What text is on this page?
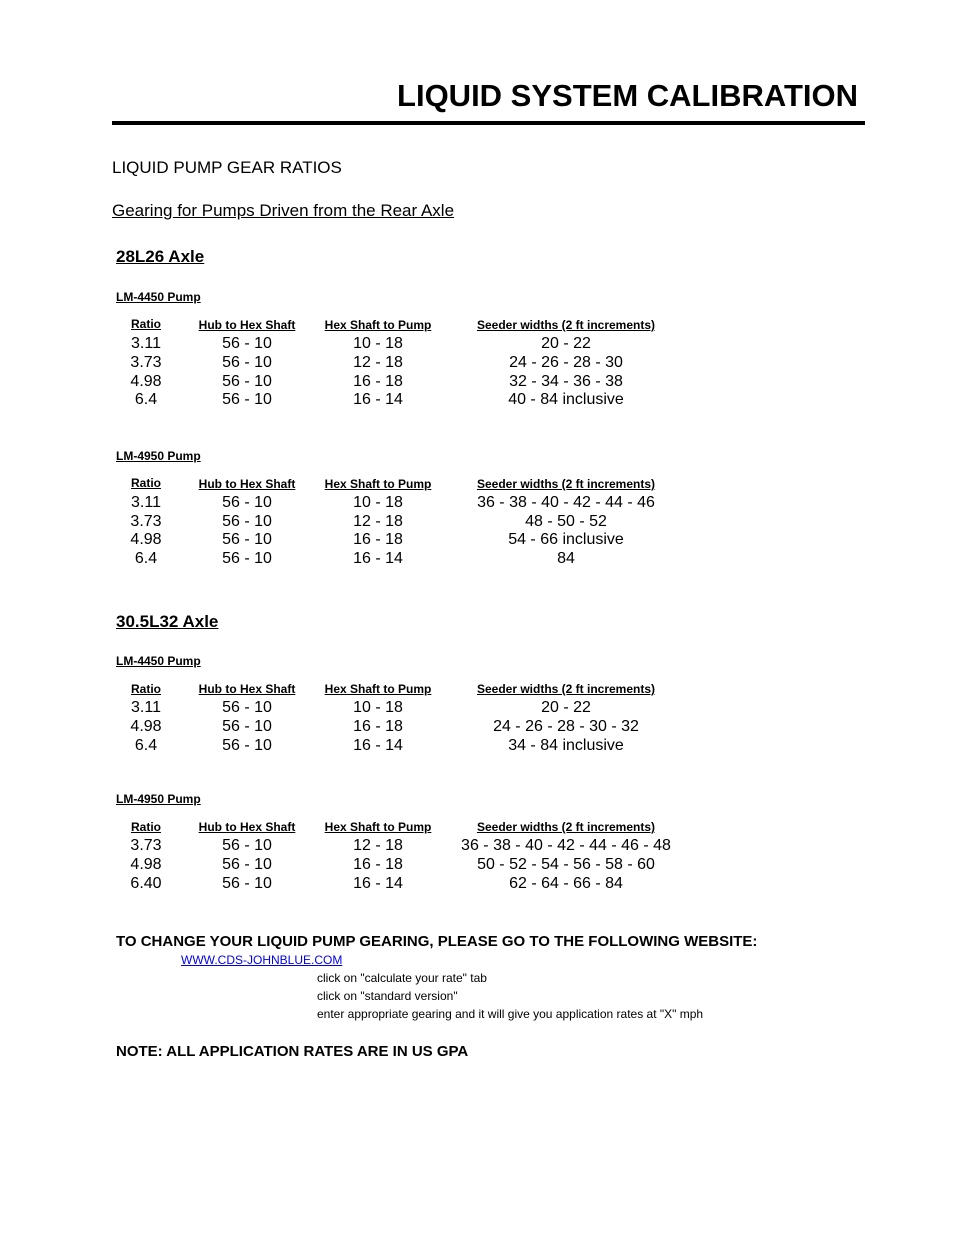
LIQUID SYSTEM CALIBRATION
LIQUID PUMP GEAR RATIOS
Gearing for Pumps Driven from the Rear Axle
28L26 Axle
LM-4450 Pump
Ratio	Hub to Hex Shaft	Hex Shaft to Pump	Seeder widths (2 ft increments)
3.11	56 - 10	10 - 18	20 - 22
3.73	56 - 10	12 - 18	24 - 26 - 28 - 30
4.98	56 - 10	16 - 18	32 - 34 - 36 - 38
6.4	56 - 10	16 - 14	40 - 84 inclusive
LM-4950 Pump
Ratio	Hub to Hex Shaft	Hex Shaft to Pump	Seeder widths (2 ft increments)
3.11	56 - 10	10 - 18	36 - 38 - 40 - 42 - 44 - 46
3.73	56 - 10	12 - 18	48 - 50 - 52
4.98	56 - 10	16 - 18	54 - 66 inclusive
6.4	56 - 10	16 - 14	84
30.5L32 Axle
LM-4450 Pump
Ratio	Hub to Hex Shaft	Hex Shaft to Pump	Seeder widths (2 ft increments)
3.11	56 - 10	10 - 18	20 - 22
4.98	56 - 10	16 - 18	24 - 26 - 28 - 30 - 32
6.4	56 - 10	16 - 14	34 - 84 inclusive
LM-4950 Pump
Ratio	Hub to Hex Shaft	Hex Shaft to Pump	Seeder widths (2 ft increments)
3.73	56 - 10	12 - 18	36 - 38 - 40 - 42 - 44 - 46 - 48
4.98	56 - 10	16 - 18	50 - 52 - 54 - 56 - 58 - 60
6.40	56 - 10	16 - 14	62 - 64 - 66 - 84
TO CHANGE YOUR LIQUID PUMP GEARING, PLEASE GO TO THE FOLLOWING WEBSITE:
WWW.CDS-JOHNBLUE.COM
click on "calculate your rate" tab
click on "standard version"
enter appropriate gearing and it will give you application rates at "X" mph
NOTE: ALL APPLICATION RATES ARE IN US GPA
